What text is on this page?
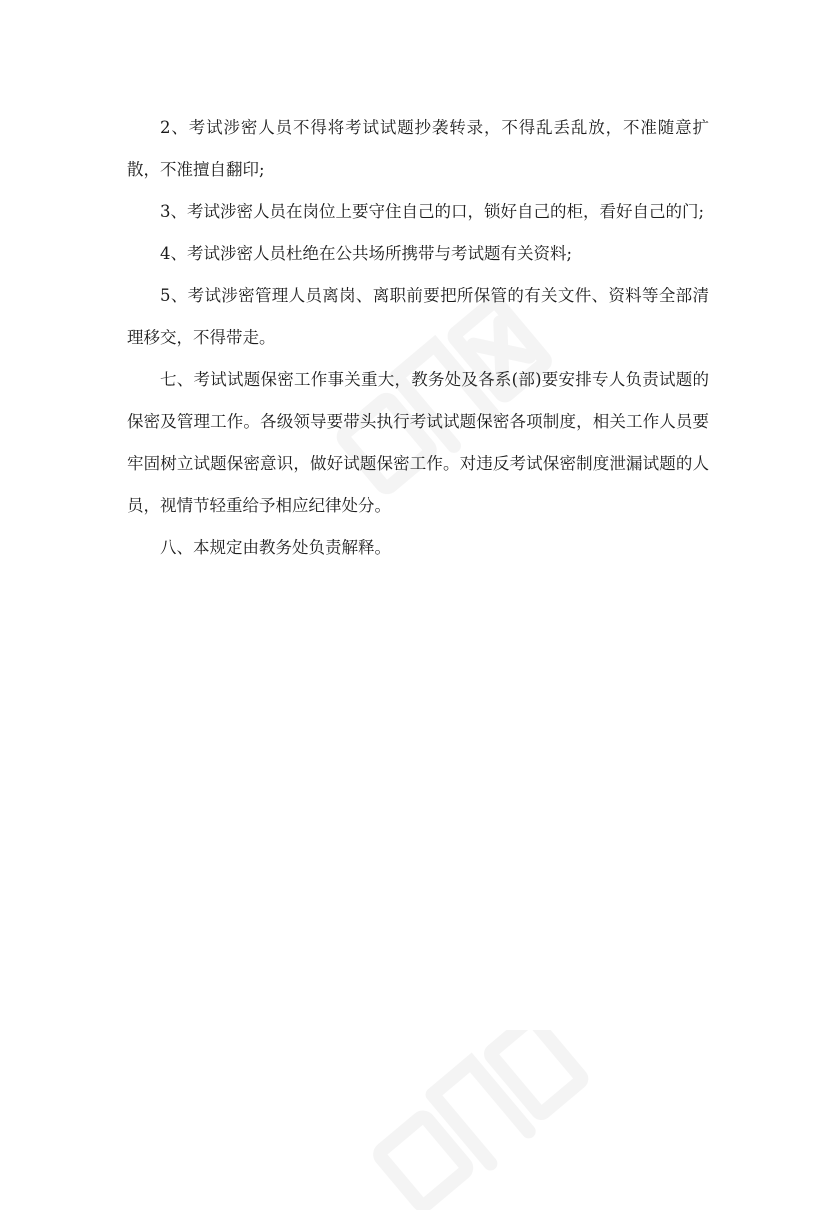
2、考试涉密人员不得将考试试题抄袭转录，不得乱丢乱放，不准随意扩散，不准擅自翻印;

3、考试涉密人员在岗位上要守住自己的口，锁好自己的柜，看好自己的门;

4、考试涉密人员杜绝在公共场所携带与考试题有关资料;

5、考试涉密管理人员离岗、离职前要把所保管的有关文件、资料等全部清理移交，不得带走。

七、考试试题保密工作事关重大，教务处及各系(部)要安排专人负责试题的保密及管理工作。各级领导要带头执行考试试题保密各项制度，相关工作人员要牢固树立试题保密意识，做好试题保密工作。对违反考试保密制度泄漏试题的人员，视情节轻重给予相应纪律处分。

八、本规定由教务处负责解释。
